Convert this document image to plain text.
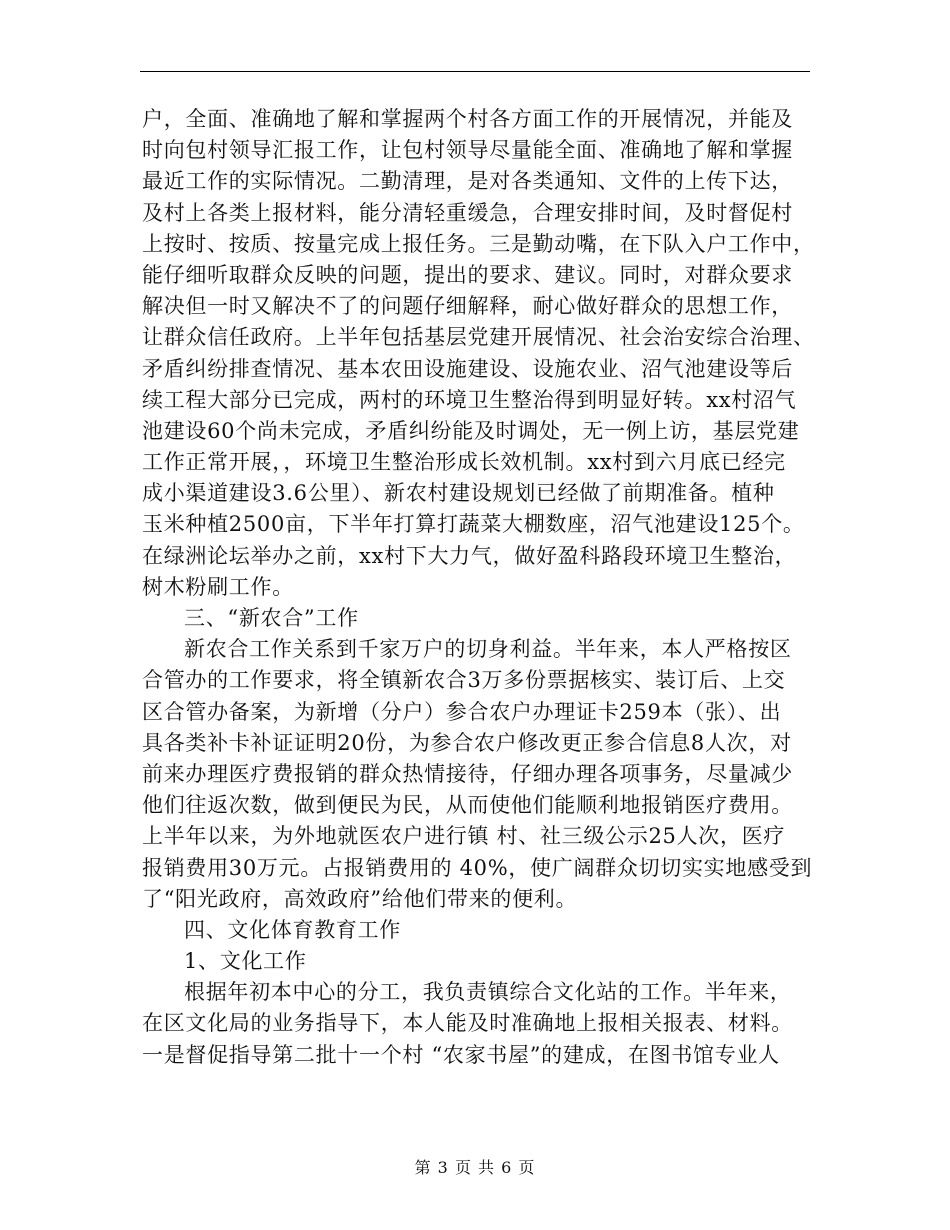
户，全面、准确地了解和掌握两个村各方面工作的开展情况，并能及
时向包村领导汇报工作，让包村领导尽量能全面、准确地了解和掌握
最近工作的实际情况。二勤清理，是对各类通知、文件的上传下达，
及村上各类上报材料，能分清轻重缓急，合理安排时间，及时督促村
上按时、按质、按量完成上报任务。三是勤动嘴，在下队入户工作中，
能仔细听取群众反映的问题，提出的要求、建议。同时，对群众要求
解决但一时又解决不了的问题仔细解释，耐心做好群众的思想工作，
让群众信任政府。上半年包括基层党建开展情况、社会治安综合治理、
矛盾纠纷排查情况、基本农田设施建设、设施农业、沼气池建设等后
续工程大部分已完成，两村的环境卫生整治得到明显好转。xx村沼气
池建设60个尚未完成，矛盾纠纷能及时调处，无一例上访，基层党建
工作正常开展，，环境卫生整治形成长效机制。xx村到六月底已经完
成小渠道建设3.6公里）、新农村建设规划已经做了前期准备。植种
玉米种植2500亩，下半年打算打蔬菜大棚数座，沼气池建设125个。
在绿洲论坛举办之前，xx村下大力气，做好盈科路段环境卫生整治，
树木粉刷工作。
三、“新农合”工作
新农合工作关系到千家万户的切身利益。半年来，本人严格按区
合管办的工作要求，将全镇新农合3万多份票据核实、装订后、上交
区合管办备案，为新增（分户）参合农户办理证卡259本（张）、出
具各类补卡补证证明20份，为参合农户修改更正参合信息8人次，对
前来办理医疗费报销的群众热情接待，仔细办理各项事务，尽量减少
他们往返次数，做到便民为民，从而使他们能顺利地报销医疗费用。
上半年以来，为外地就医农户进行镇 村、社三级公示25人次，医疗
报销费用30万元。占报销费用的 40%，使广阔群众切切实实地感受到
了“阳光政府，高效政府”给他们带来的便利。
四、文化体育教育工作
1、文化工作
根据年初本中心的分工，我负责镇综合文化站的工作。半年来，
在区文化局的业务指导下，本人能及时准确地上报相关报表、材料。
一是督促指导第二批十一个村 “农家书屋”的建成，在图书馆专业人
第 3 页 共 6 页
